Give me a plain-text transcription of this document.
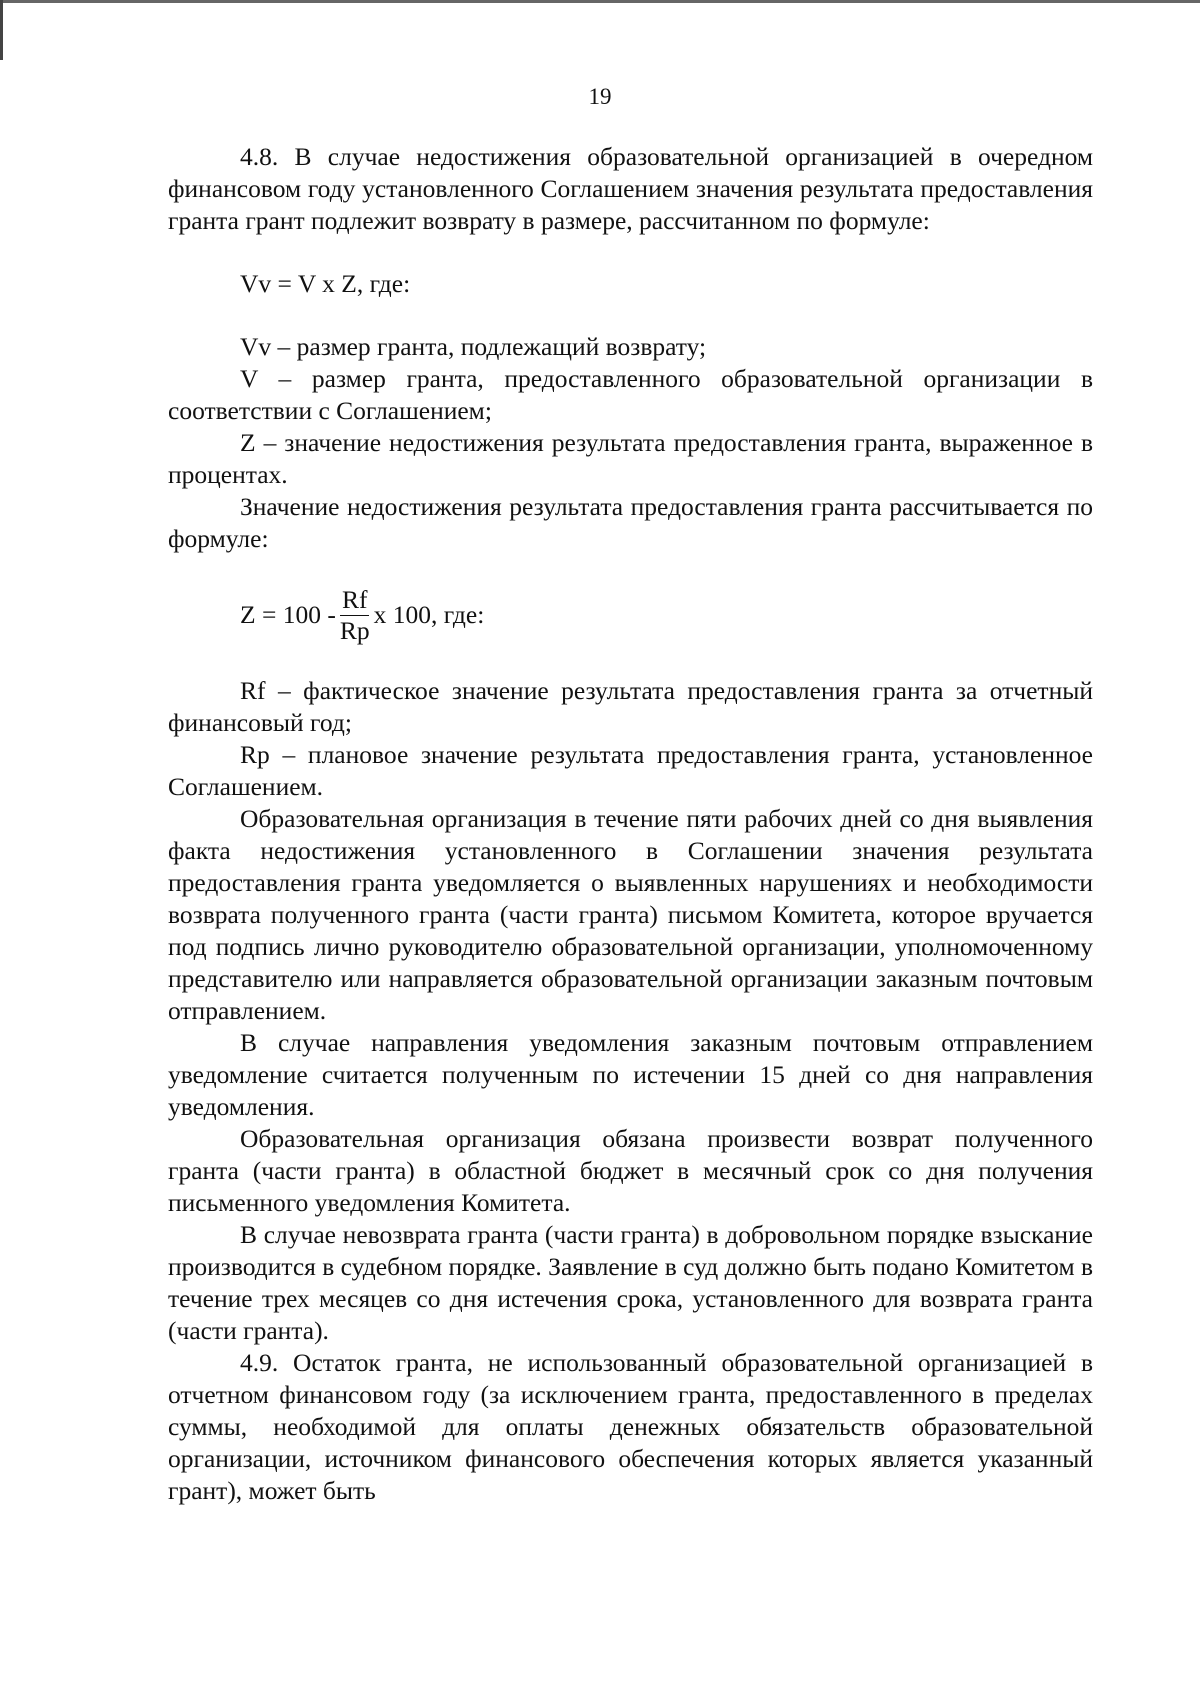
19

4.8. В случае недостижения образовательной организацией в очередном финансовом году установленного Соглашением значения результата предоставления гранта грант подлежит возврату в размере, рассчитанном по формуле:

Vv = V x Z, где:

Vv – размер гранта, подлежащий возврату;

V – размер гранта, предоставленного образовательной организации в соответствии с Соглашением;

Z – значение недостижения результата предоставления гранта, выраженное в процентах.

Значение недостижения результата предоставления гранта рассчитывается по формуле:

$Z = 100 - \frac{Rf}{Rp}$ x 100, где:

Rf – фактическое значение результата предоставления гранта за отчетный финансовый год;

Rp – плановое значение результата предоставления гранта, установленное Соглашением.

Образовательная организация в течение пяти рабочих дней со дня выявления факта недостижения установленного в Соглашении значения результата предоставления гранта уведомляется о выявленных нарушениях и необходимости возврата полученного гранта (части гранта) письмом Комитета, которое вручается под подпись лично руководителю образовательной организации, уполномоченному представителю или направляется образовательной организации заказным почтовым отправлением.

В случае направления уведомления заказным почтовым отправлением уведомление считается полученным по истечении 15 дней со дня направления уведомления.

Образовательная организация обязана произвести возврат полученного гранта (части гранта) в областной бюджет в месячный срок со дня получения письменного уведомления Комитета.

В случае невозврата гранта (части гранта) в добровольном порядке взыскание производится в судебном порядке. Заявление в суд должно быть подано Комитетом в течение трех месяцев со дня истечения срока, установленного для возврата гранта (части гранта).

4.9. Остаток гранта, не использованный образовательной организацией в отчетном финансовом году (за исключением гранта, предоставленного в пределах суммы, необходимой для оплаты денежных обязательств образовательной организации, источником финансового обеспечения которых является указанный грант), может быть
